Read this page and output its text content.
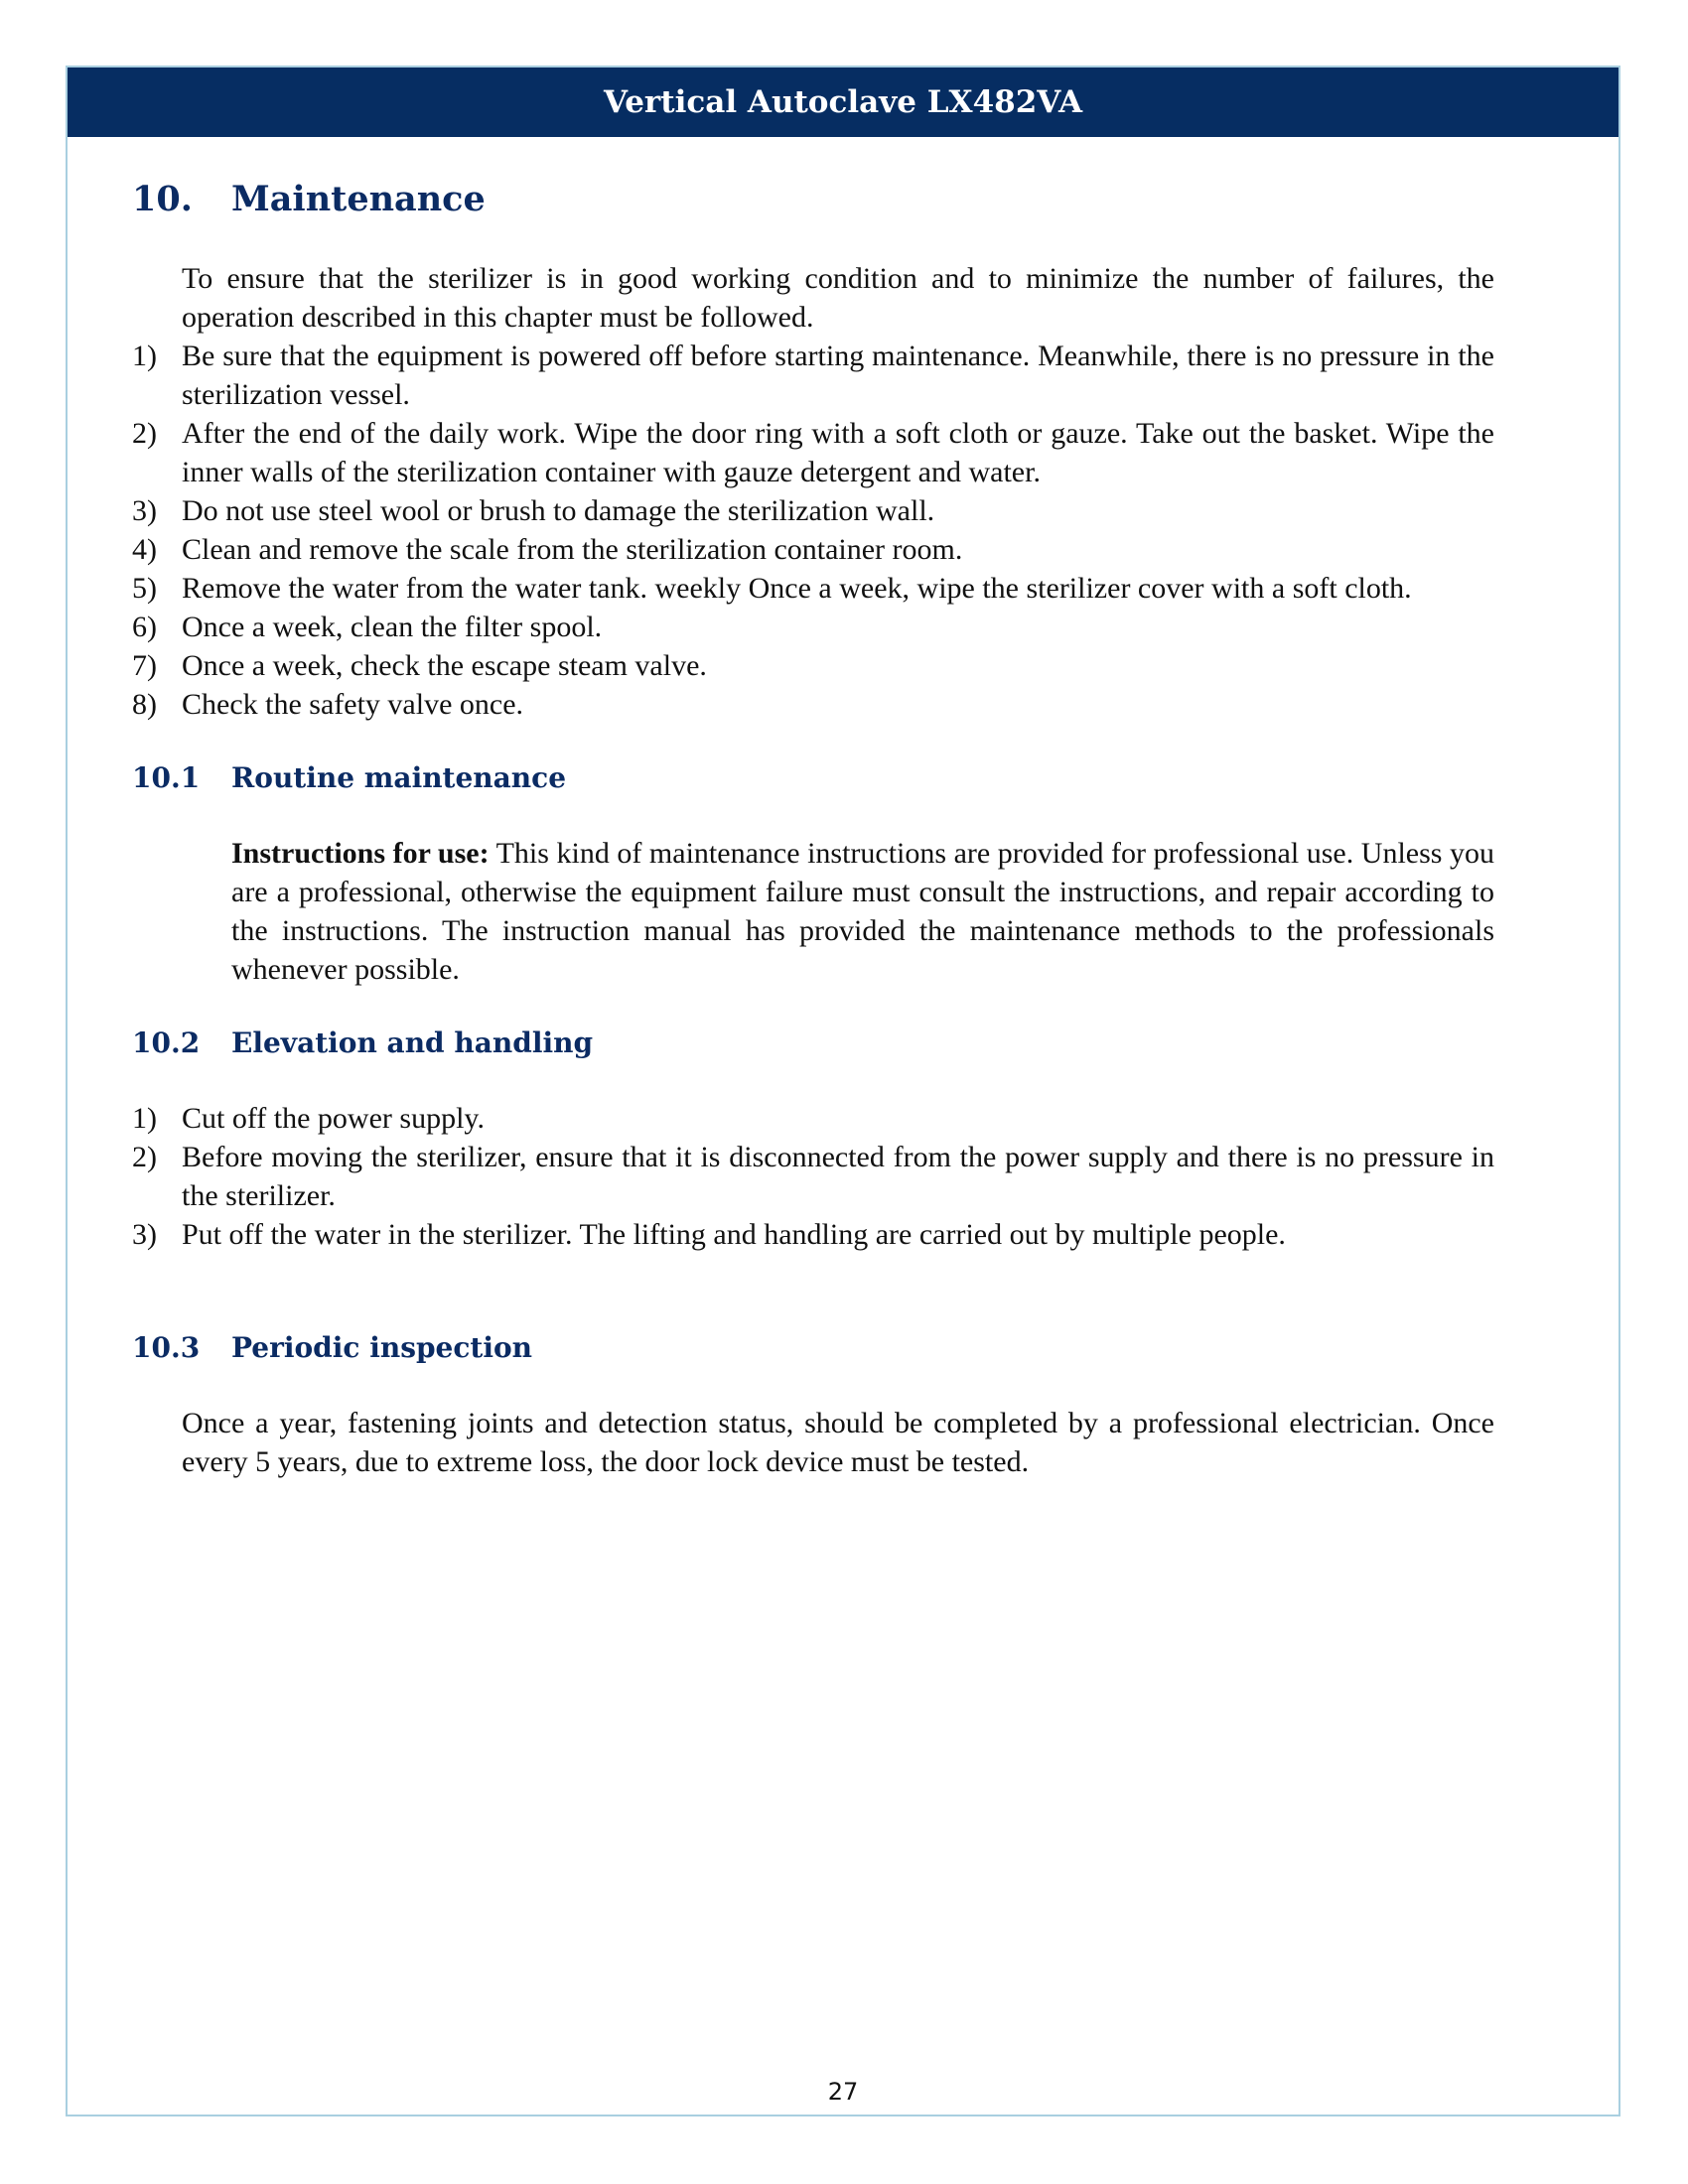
Vertical Autoclave LX482VA
27
10.	Maintenance

To ensure that the sterilizer is in good working condition and to minimize the number of failures, the operation described in this chapter must be followed.

1) Be sure that the equipment is powered off before starting maintenance. Meanwhile, there is no pressure in the sterilization vessel.
2) After the end of the daily work. Wipe the door ring with a soft cloth or gauze. Take out the basket. Wipe the inner walls of the sterilization container with gauze detergent and water.
3) Do not use steel wool or brush to damage the sterilization wall.
4) Clean and remove the scale from the sterilization container room.
5) Remove the water from the water tank. weekly Once a week, wipe the sterilizer cover with a soft cloth.
6) Once a week, clean the filter spool.
7) Once a week, check the escape steam valve.
8) Check the safety valve once.
10.1	Routine maintenance

Instructions for use: This kind of maintenance instructions are provided for professional use. Unless you are a professional, otherwise the equipment failure must consult the instructions, and repair according to the instructions. The instruction manual has provided the maintenance methods to the professionals whenever possible.

10.2	Elevation and handling
1) Cut off the power supply.
2) Before moving the sterilizer, ensure that it is disconnected from the power supply and there is no pressure in the sterilizer.
3) Put off the water in the sterilizer. The lifting and handling are carried out by multiple people.
10.3	Periodic inspection

Once a year, fastening joints and detection status, should be completed by a professional electrician. Once every 5 years, due to extreme loss, the door lock device must be tested.
